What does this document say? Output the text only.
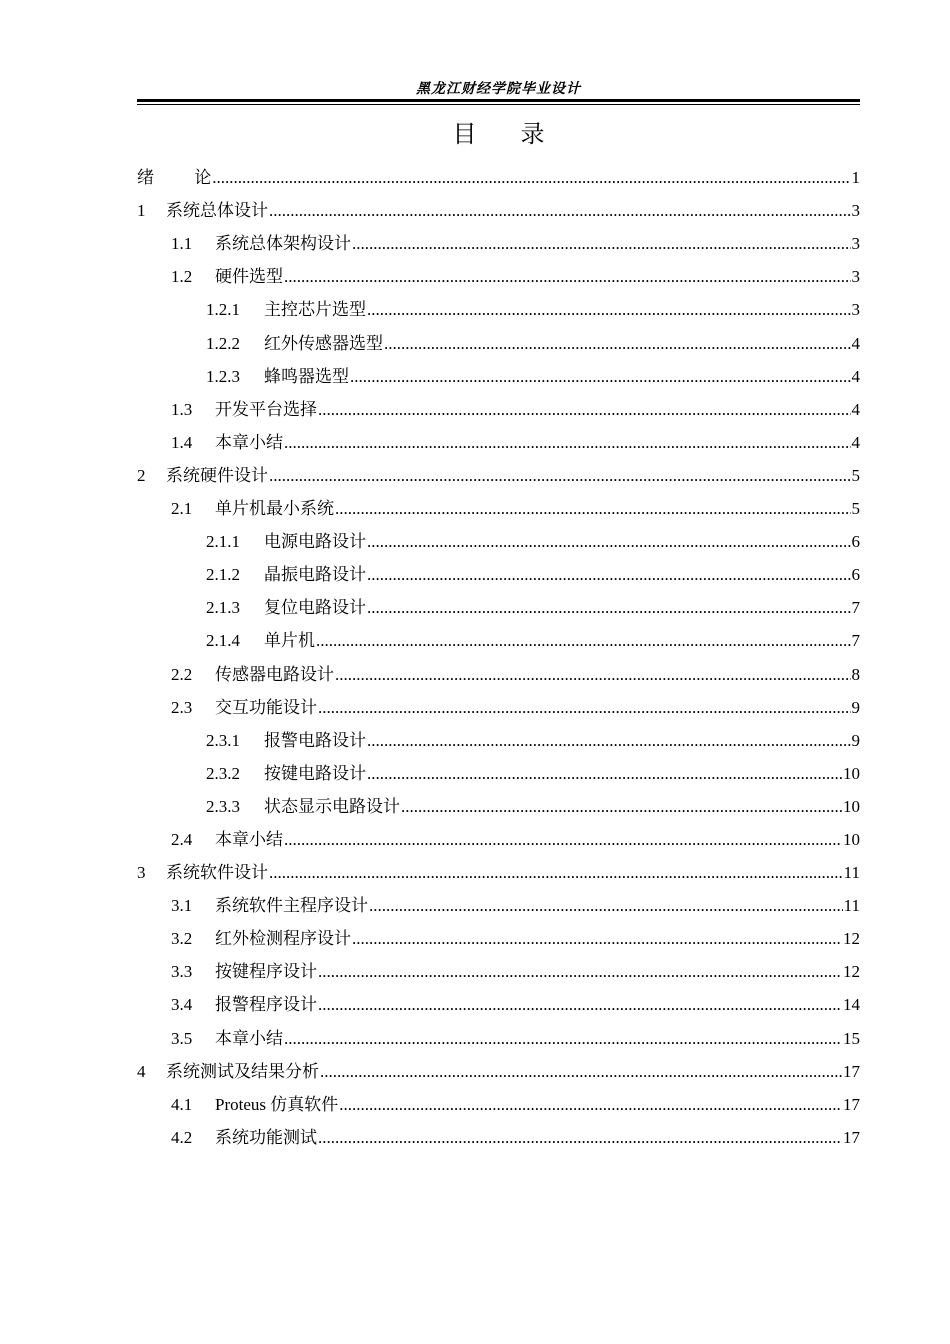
黑龙江财经学院毕业设计
目 录
绪 论 .....	1
1	系统总体设计 .....	3
1.1	系统总体架构设计 .....	3
1.2	硬件选型 .....	3
1.2.1	主控芯片选型 .....	3
1.2.2	红外传感器选型 .....	4
1.2.3	蜂鸣器选型 .....	4
1.3	开发平台选择 .....	4
1.4	本章小结 .....	4
2	系统硬件设计 .....	5
2.1	单片机最小系统 .....	5
2.1.1	电源电路设计 .....	6
2.1.2	晶振电路设计 .....	6
2.1.3	复位电路设计 .....	7
2.1.4	单片机 .....	7
2.2	传感器电路设计 .....	8
2.3	交互功能设计 .....	9
2.3.1	报警电路设计 .....	9
2.3.2	按键电路设计 .....	10
2.3.3	状态显示电路设计 .....	10
2.4	本章小结 .....	10
3	系统软件设计 .....	11
3.1	系统软件主程序设计 .....	11
3.2	红外检测程序设计 .....	12
3.3	按键程序设计 .....	12
3.4	报警程序设计 .....	14
3.5	本章小结 .....	15
4	系统测试及结果分析 .....	17
4.1	Proteus 仿真软件 .....	17
4.2	系统功能测试 .....	17
